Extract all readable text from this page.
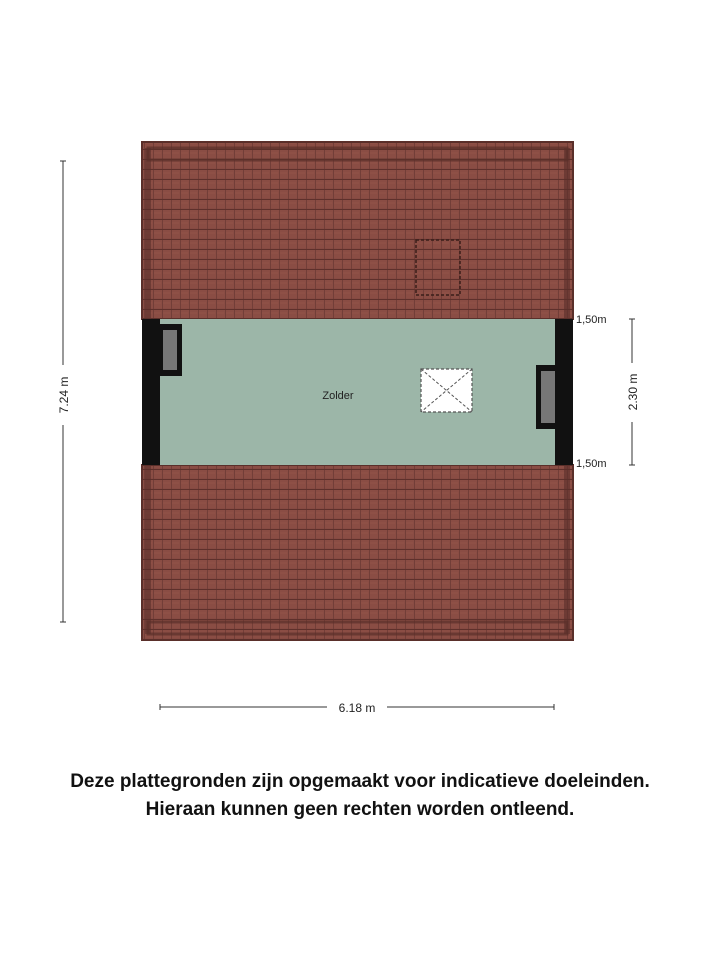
Zolder
1,50m
1,50m
7.24 m	2.30 m
6.18 m
Deze plattegronden zijn opgemaakt voor indicatieve doeleinden.
Hieraan kunnen geen rechten worden ontleend.
